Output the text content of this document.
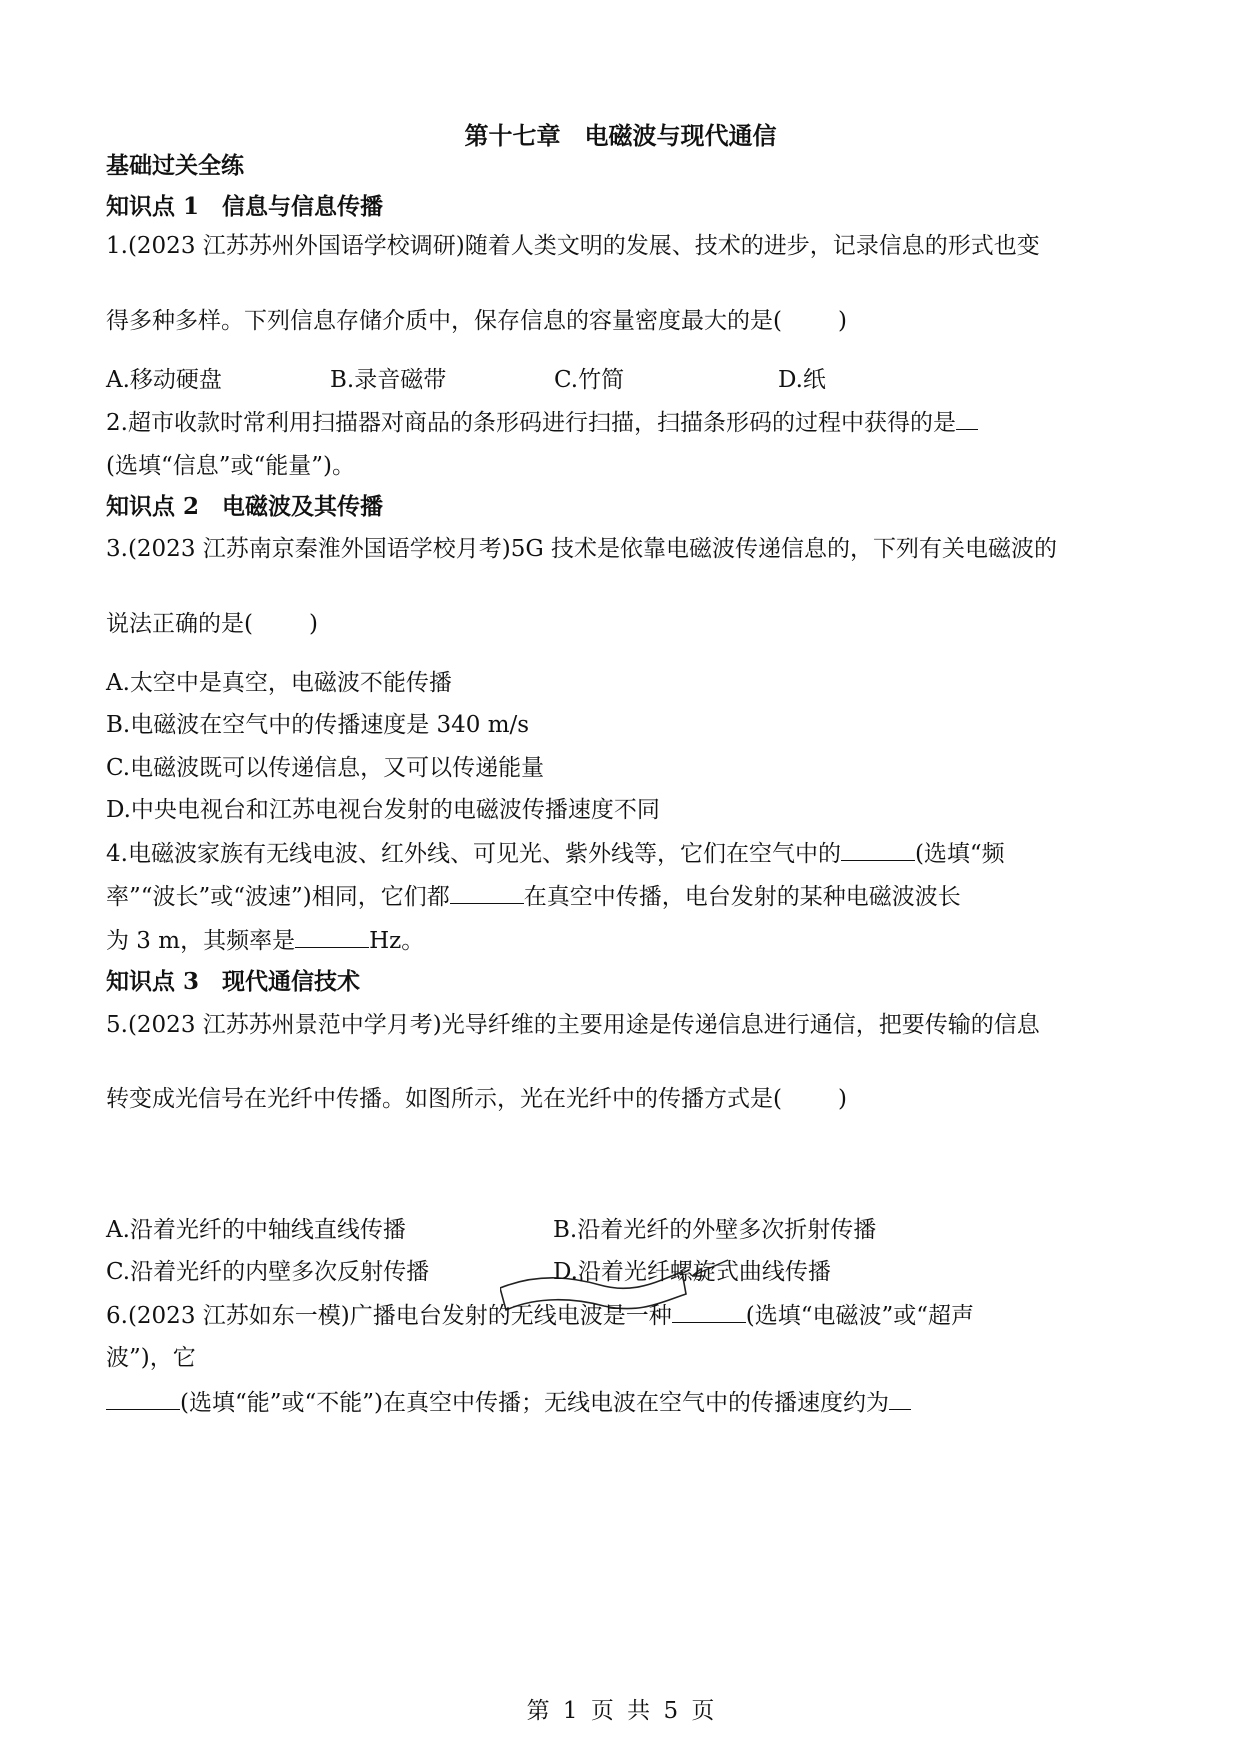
第十七章　电磁波与现代通信
基础过关全练
知识点 1　信息与信息传播
1.(2023 江苏苏州外国语学校调研)随着人类文明的发展、技术的进步，记录信息的形式也变
得多种多样。下列信息存储介质中，保存信息的容量密度最大的是( )
A.移动硬盘	B.录音磁带	C.竹简	D.纸
2.超市收款时常利用扫描器对商品的条形码进行扫描，扫描条形码的过程中获得的是
(选填“信息”或“能量”)。
知识点 2　电磁波及其传播
3.(2023 江苏南京秦淮外国语学校月考)5G 技术是依靠电磁波传递信息的，下列有关电磁波的
说法正确的是( )
A.太空中是真空，电磁波不能传播
B.电磁波在空气中的传播速度是 340 m/s
C.电磁波既可以传递信息，又可以传递能量
D.中央电视台和江苏电视台发射的电磁波传播速度不同
4.电磁波家族有无线电波、红外线、可见光、紫外线等，它们在空气中的	(选填“频
率”“波长”或“波速”)相同，它们都	在真空中传播，电台发射的某种电磁波波长
为 3 m，其频率是	Hz。
知识点 3　现代通信技术
5.(2023 江苏苏州景范中学月考)光导纤维的主要用途是传递信息进行通信，把要传输的信息
转变成光信号在光纤中传播。如图所示，光在光纤中的传播方式是( )
A.沿着光纤的中轴线直线传播	B.沿着光纤的外壁多次折射传播
C.沿着光纤的内壁多次反射传播	D.沿着光纤螺旋式曲线传播
6.(2023 江苏如东一模)广播电台发射的无线电波是一种	(选填“电磁波”或“超声
波”)，它
(选填“能”或“不能”)在真空中传播；无线电波在空气中的传播速度约为
第 1 页 共 5 页
